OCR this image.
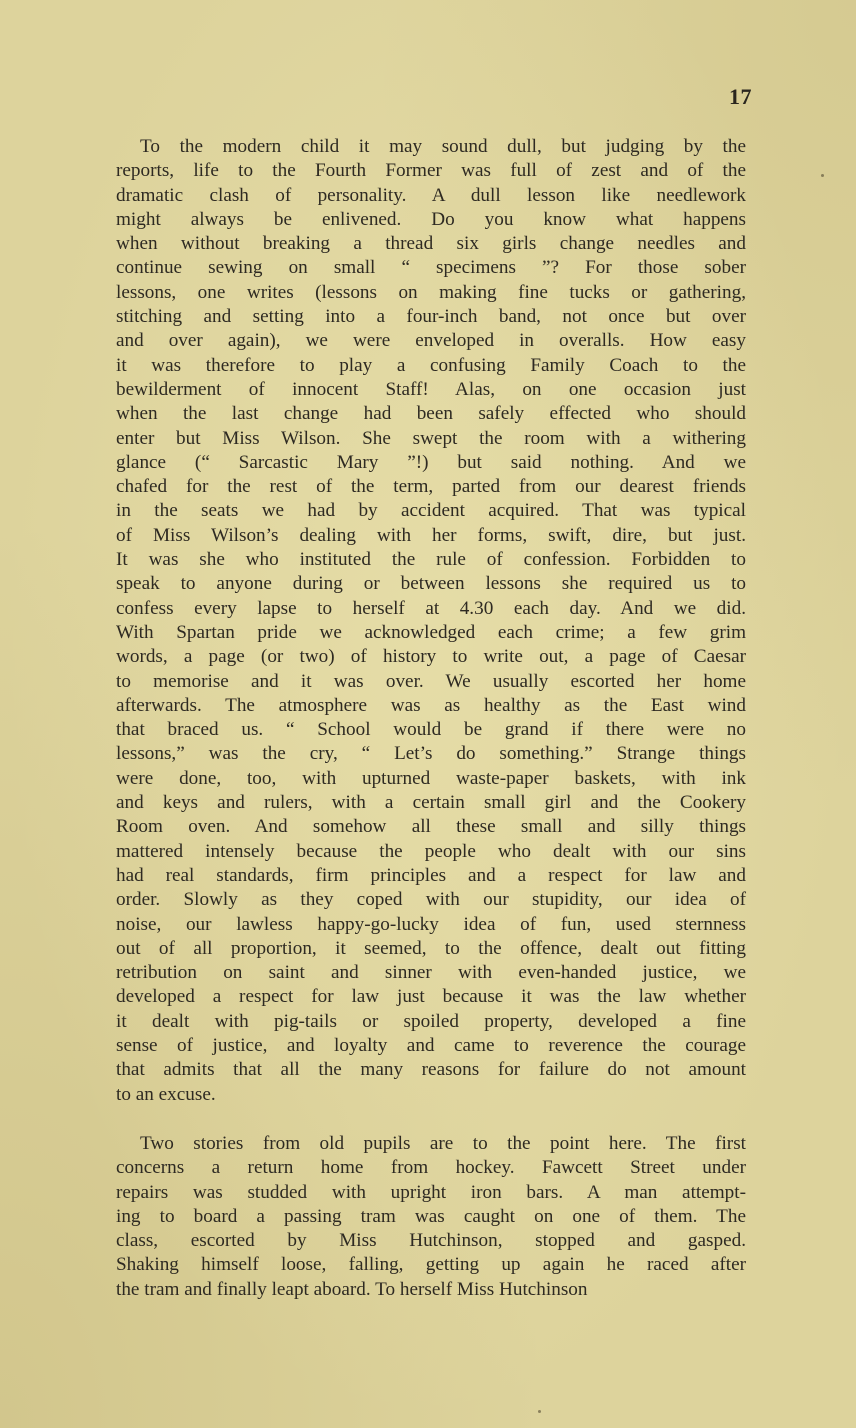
17
To the modern child it may sound dull, but judging by the
reports, life to the Fourth Former was full of zest and of the
dramatic clash of personality. A dull lesson like needlework
might always be enlivened. Do you know what happens
when without breaking a thread six girls change needles and
continue sewing on small “ specimens ”? For those sober
lessons, one writes (lessons on making fine tucks or gathering,
stitching and setting into a four-inch band, not once but over
and over again), we were enveloped in overalls. How easy
it was therefore to play a confusing Family Coach to the
bewilderment of innocent Staff! Alas, on one occasion just
when the last change had been safely effected who should
enter but Miss Wilson. She swept the room with a withering
glance (“ Sarcastic Mary ”!) but said nothing. And we
chafed for the rest of the term, parted from our dearest friends
in the seats we had by accident acquired. That was typical
of Miss Wilson’s dealing with her forms, swift, dire, but just.
It was she who instituted the rule of confession. Forbidden to
speak to anyone during or between lessons she required us to
confess every lapse to herself at 4.30 each day. And we did.
With Spartan pride we acknowledged each crime; a few grim
words, a page (or two) of history to write out, a page of Caesar
to memorise and it was over. We usually escorted her home
afterwards. The atmosphere was as healthy as the East wind
that braced us. “ School would be grand if there were no
lessons,” was the cry, “ Let’s do something.” Strange things
were done, too, with upturned waste-paper baskets, with ink
and keys and rulers, with a certain small girl and the Cookery
Room oven. And somehow all these small and silly things
mattered intensely because the people who dealt with our sins
had real standards, firm principles and a respect for law and
order. Slowly as they coped with our stupidity, our idea of
noise, our lawless happy-go-lucky idea of fun, used sternness
out of all proportion, it seemed, to the offence, dealt out fitting
retribution on saint and sinner with even-handed justice, we
developed a respect for law just because it was the law whether
it dealt with pig-tails or spoiled property, developed a fine
sense of justice, and loyalty and came to reverence the courage
that admits that all the many reasons for failure do not amount
to an excuse.
Two stories from old pupils are to the point here. The first
concerns a return home from hockey. Fawcett Street under
repairs was studded with upright iron bars. A man attempt-
ing to board a passing tram was caught on one of them. The
class, escorted by Miss Hutchinson, stopped and gasped.
Shaking himself loose, falling, getting up again he raced after
the tram and finally leapt aboard. To herself Miss Hutchinson
